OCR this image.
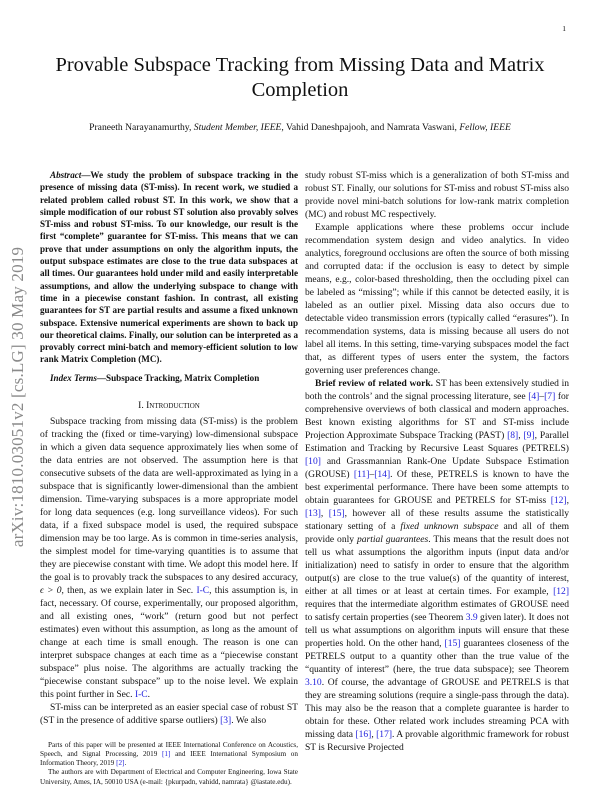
1
arXiv:1810.03051v2 [cs.LG] 30 May 2019
Provable Subspace Tracking from Missing Data and Matrix Completion
Praneeth Narayanamurthy, Student Member, IEEE, Vahid Daneshpajooh, and Namrata Vaswani, Fellow, IEEE

Abstract—We study the problem of subspace tracking in the presence of missing data (ST-miss). In recent work, we studied a related problem called robust ST. In this work, we show that a simple modification of our robust ST solution also provably solves ST-miss and robust ST-miss. To our knowledge, our result is the first “complete” guarantee for ST-miss. This means that we can prove that under assumptions on only the algorithm inputs, the output subspace estimates are close to the true data subspaces at all times. Our guarantees hold under mild and easily interpretable assumptions, and allow the underlying subspace to change with time in a piecewise constant fashion. In contrast, all existing guarantees for ST are partial results and assume a fixed unknown subspace. Extensive numerical experiments are shown to back up our theoretical claims. Finally, our solution can be interpreted as a provably correct mini-batch and memory-efficient solution to low rank Matrix Completion (MC).

Index Terms—Subspace Tracking, Matrix Completion

I. Introduction

Subspace tracking from missing data (ST-miss) is the problem of tracking the (fixed or time-varying) low-dimensional subspace in which a given data sequence approximately lies when some of the data entries are not observed. The assumption here is that consecutive subsets of the data are well-approximated as lying in a subspace that is significantly lower-dimensional than the ambient dimension. Time-varying subspaces is a more appropriate model for long data sequences (e.g. long surveillance videos). For such data, if a fixed subspace model is used, the required subspace dimension may be too large. As is common in time-series analysis, the simplest model for time-varying quantities is to assume that they are piecewise constant with time. We adopt this model here. If the goal is to provably track the subspaces to any desired accuracy, ϵ > 0, then, as we explain later in Sec. I-C, this assumption is, in fact, necessary. Of course, experimentally, our proposed algorithm, and all existing ones, “work” (return good but not perfect estimates) even without this assumption, as long as the amount of change at each time is small enough. The reason is one can interpret subspace changes at each time as a “piecewise constant subspace” plus noise. The algorithms are actually tracking the “piecewise constant subspace” up to the noise level. We explain this point further in Sec. I-C.

ST-miss can be interpreted as an easier special case of robust ST (ST in the presence of additive sparse outliers) [3]. We also

Parts of this paper will be presented at IEEE International Conference on Acoustics, Speech, and Signal Processing, 2019 [1] and IEEE International Symposium on Information Theory, 2019 [2].

The authors are with Department of Electrical and Computer Engineering, Iowa State University, Ames, IA, 50010 USA (e-mail: {pkurpadn, vahidd, namrata} @iastate.edu).

study robust ST-miss which is a generalization of both ST-miss and robust ST. Finally, our solutions for ST-miss and robust ST-miss also provide novel mini-batch solutions for low-rank matrix completion (MC) and robust MC respectively.

Example applications where these problems occur include recommendation system design and video analytics. In video analytics, foreground occlusions are often the source of both missing and corrupted data: if the occlusion is easy to detect by simple means, e.g., color-based thresholding, then the occluding pixel can be labeled as “missing”; while if this cannot be detected easily, it is labeled as an outlier pixel. Missing data also occurs due to detectable video transmission errors (typically called “erasures”). In recommendation systems, data is missing because all users do not label all items. In this setting, time-varying subspaces model the fact that, as different types of users enter the system, the factors governing user preferences change.

Brief review of related work. ST has been extensively studied in both the controls’ and the signal processing literature, see [4]–[7] for comprehensive overviews of both classical and modern approaches. Best known existing algorithms for ST and ST-miss include Projection Approximate Subspace Tracking (PAST) [8], [9], Parallel Estimation and Tracking by Recursive Least Squares (PETRELS) [10] and Grassmannian Rank-One Update Subspace Estimation (GROUSE) [11]–[14]. Of these, PETRELS is known to have the best experimental performance. There have been some attempts to obtain guarantees for GROUSE and PETRELS for ST-miss [12], [13], [15], however all of these results assume the statistically stationary setting of a fixed unknown subspace and all of them provide only partial guarantees. This means that the result does not tell us what assumptions the algorithm inputs (input data and/or initialization) need to satisfy in order to ensure that the algorithm output(s) are close to the true value(s) of the quantity of interest, either at all times or at least at certain times. For example, [12] requires that the intermediate algorithm estimates of GROUSE need to satisfy certain properties (see Theorem 3.9 given later). It does not tell us what assumptions on algorithm inputs will ensure that these properties hold. On the other hand, [15] guarantees closeness of the PETRELS output to a quantity other than the true value of the “quantity of interest” (here, the true data subspace); see Theorem 3.10. Of course, the advantage of GROUSE and PETRELS is that they are streaming solutions (require a single-pass through the data). This may also be the reason that a complete guarantee is harder to obtain for these. Other related work includes streaming PCA with missing data [16], [17]. A provable algorithmic framework for robust ST is Recursive Projected
